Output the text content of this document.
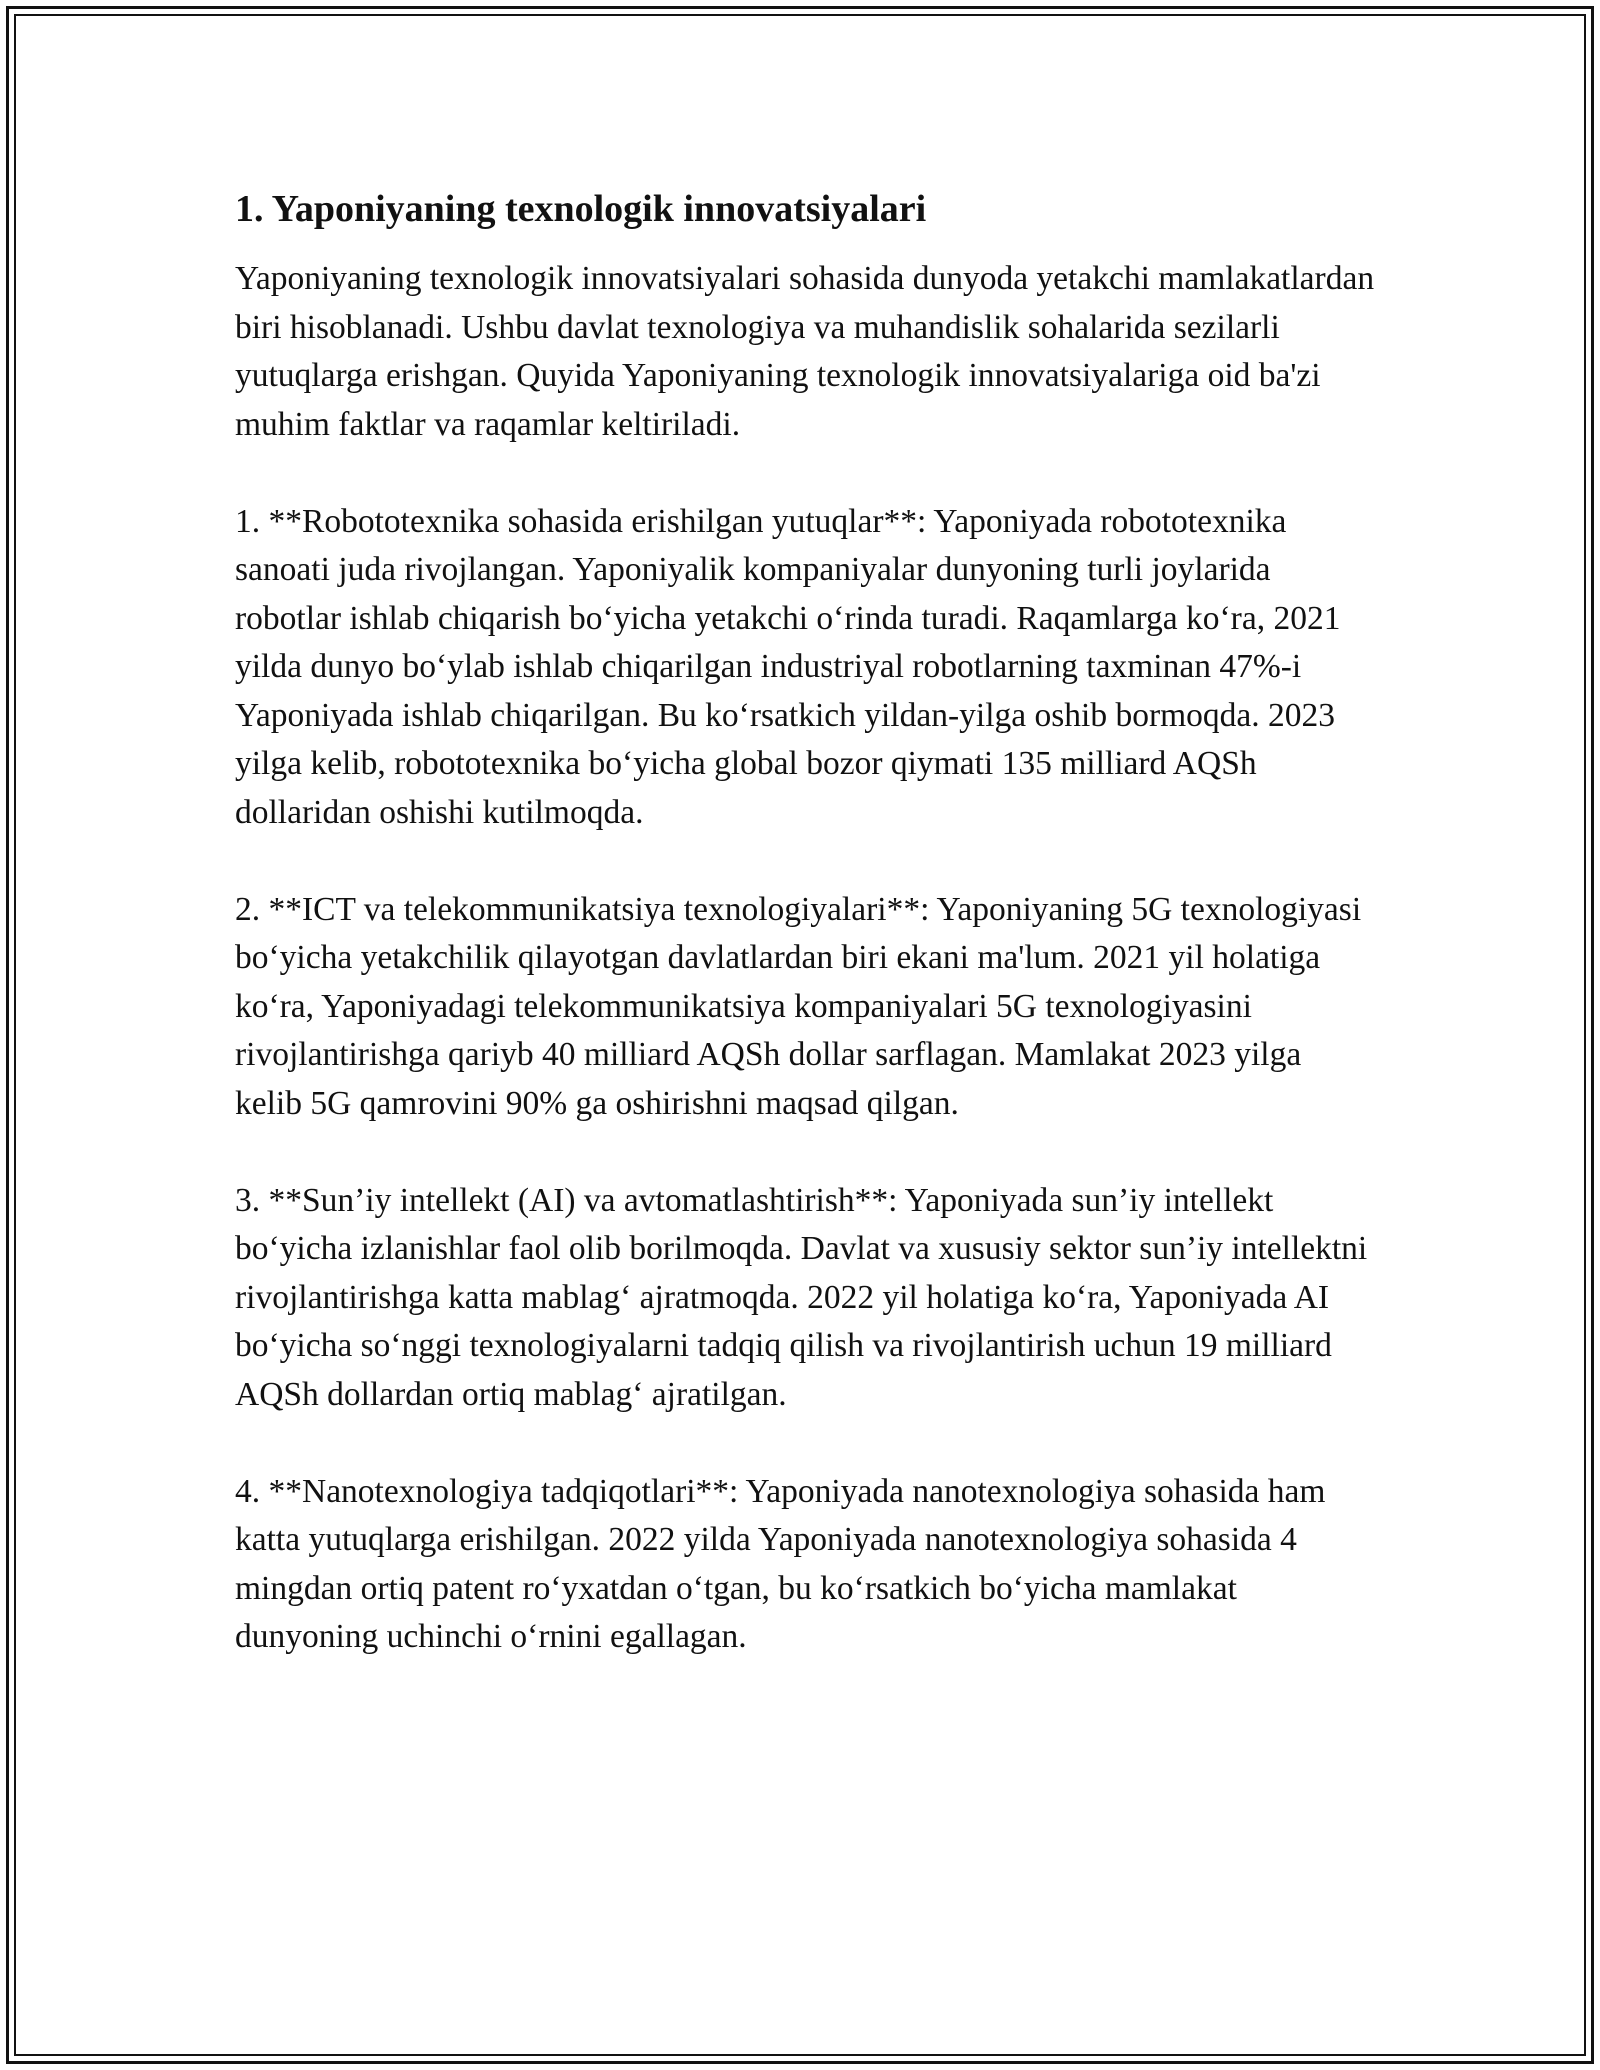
1. Yaponiyaning texnologik innovatsiyalari

Yaponiyaning texnologik innovatsiyalari sohasida dunyoda yetakchi mamlakatlardan biri hisoblanadi. Ushbu davlat texnologiya va muhandislik sohalarida sezilarli yutuqlarga erishgan. Quyida Yaponiyaning texnologik innovatsiyalariga oid ba'zi muhim faktlar va raqamlar keltiriladi.

1. **Robototexnika sohasida erishilgan yutuqlar**: Yaponiyada robototexnika sanoati juda rivojlangan. Yaponiyalik kompaniyalar dunyoning turli joylarida robotlar ishlab chiqarish bo‘yicha yetakchi o‘rinda turadi. Raqamlarga ko‘ra, 2021 yilda dunyo bo‘ylab ishlab chiqarilgan industriyal robotlarning taxminan 47%-i Yaponiyada ishlab chiqarilgan. Bu ko‘rsatkich yildan-yilga oshib bormoqda. 2023 yilga kelib, robototexnika bo‘yicha global bozor qiymati 135 milliard AQSh dollaridan oshishi kutilmoqda.

2. **ICT va telekommunikatsiya texnologiyalari**: Yaponiyaning 5G texnologiyasi bo‘yicha yetakchilik qilayotgan davlatlardan biri ekani ma'lum. 2021 yil holatiga ko‘ra, Yaponiyadagi telekommunikatsiya kompaniyalari 5G texnologiyasini rivojlantirishga qariyb 40 milliard AQSh dollar sarflagan. Mamlakat 2023 yilga kelib 5G qamrovini 90% ga oshirishni maqsad qilgan.

3. **Sun’iy intellekt (AI) va avtomatlashtirish**: Yaponiyada sun’iy intellekt bo‘yicha izlanishlar faol olib borilmoqda. Davlat va xususiy sektor sun’iy intellektni rivojlantirishga katta mablag‘ ajratmoqda. 2022 yil holatiga ko‘ra, Yaponiyada AI bo‘yicha so‘nggi texnologiyalarni tadqiq qilish va rivojlantirish uchun 19 milliard AQSh dollardan ortiq mablag‘ ajratilgan.

4. **Nanotexnologiya tadqiqotlari**: Yaponiyada nanotexnologiya sohasida ham katta yutuqlarga erishilgan. 2022 yilda Yaponiyada nanotexnologiya sohasida 4 mingdan ortiq patent ro‘yxatdan o‘tgan, bu ko‘rsatkich bo‘yicha mamlakat dunyoning uchinchi o‘rnini egallagan.
